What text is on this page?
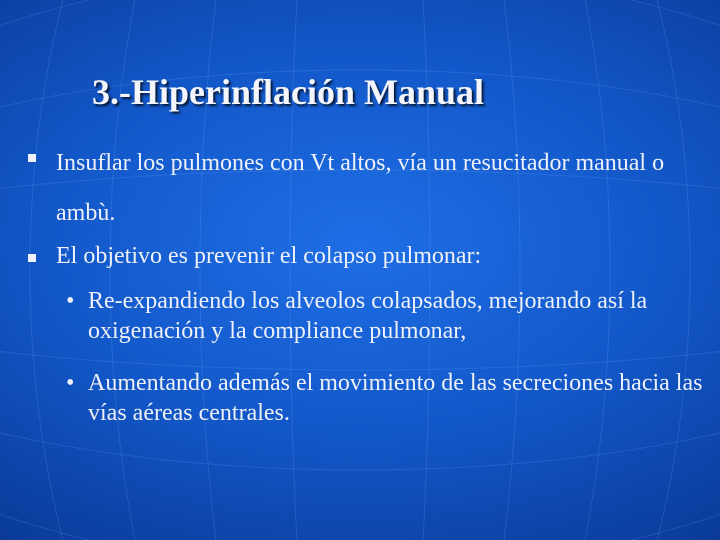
3.-Hiperinflación Manual
Insuflar los pulmones con Vt altos, vía un resucitador manual o ambù.
El objetivo es prevenir el colapso pulmonar:
• Re-expandiendo los alveolos colapsados, mejorando así la oxigenación y la compliance pulmonar,
• Aumentando además el movimiento de las secreciones hacia las vías aéreas centrales.
